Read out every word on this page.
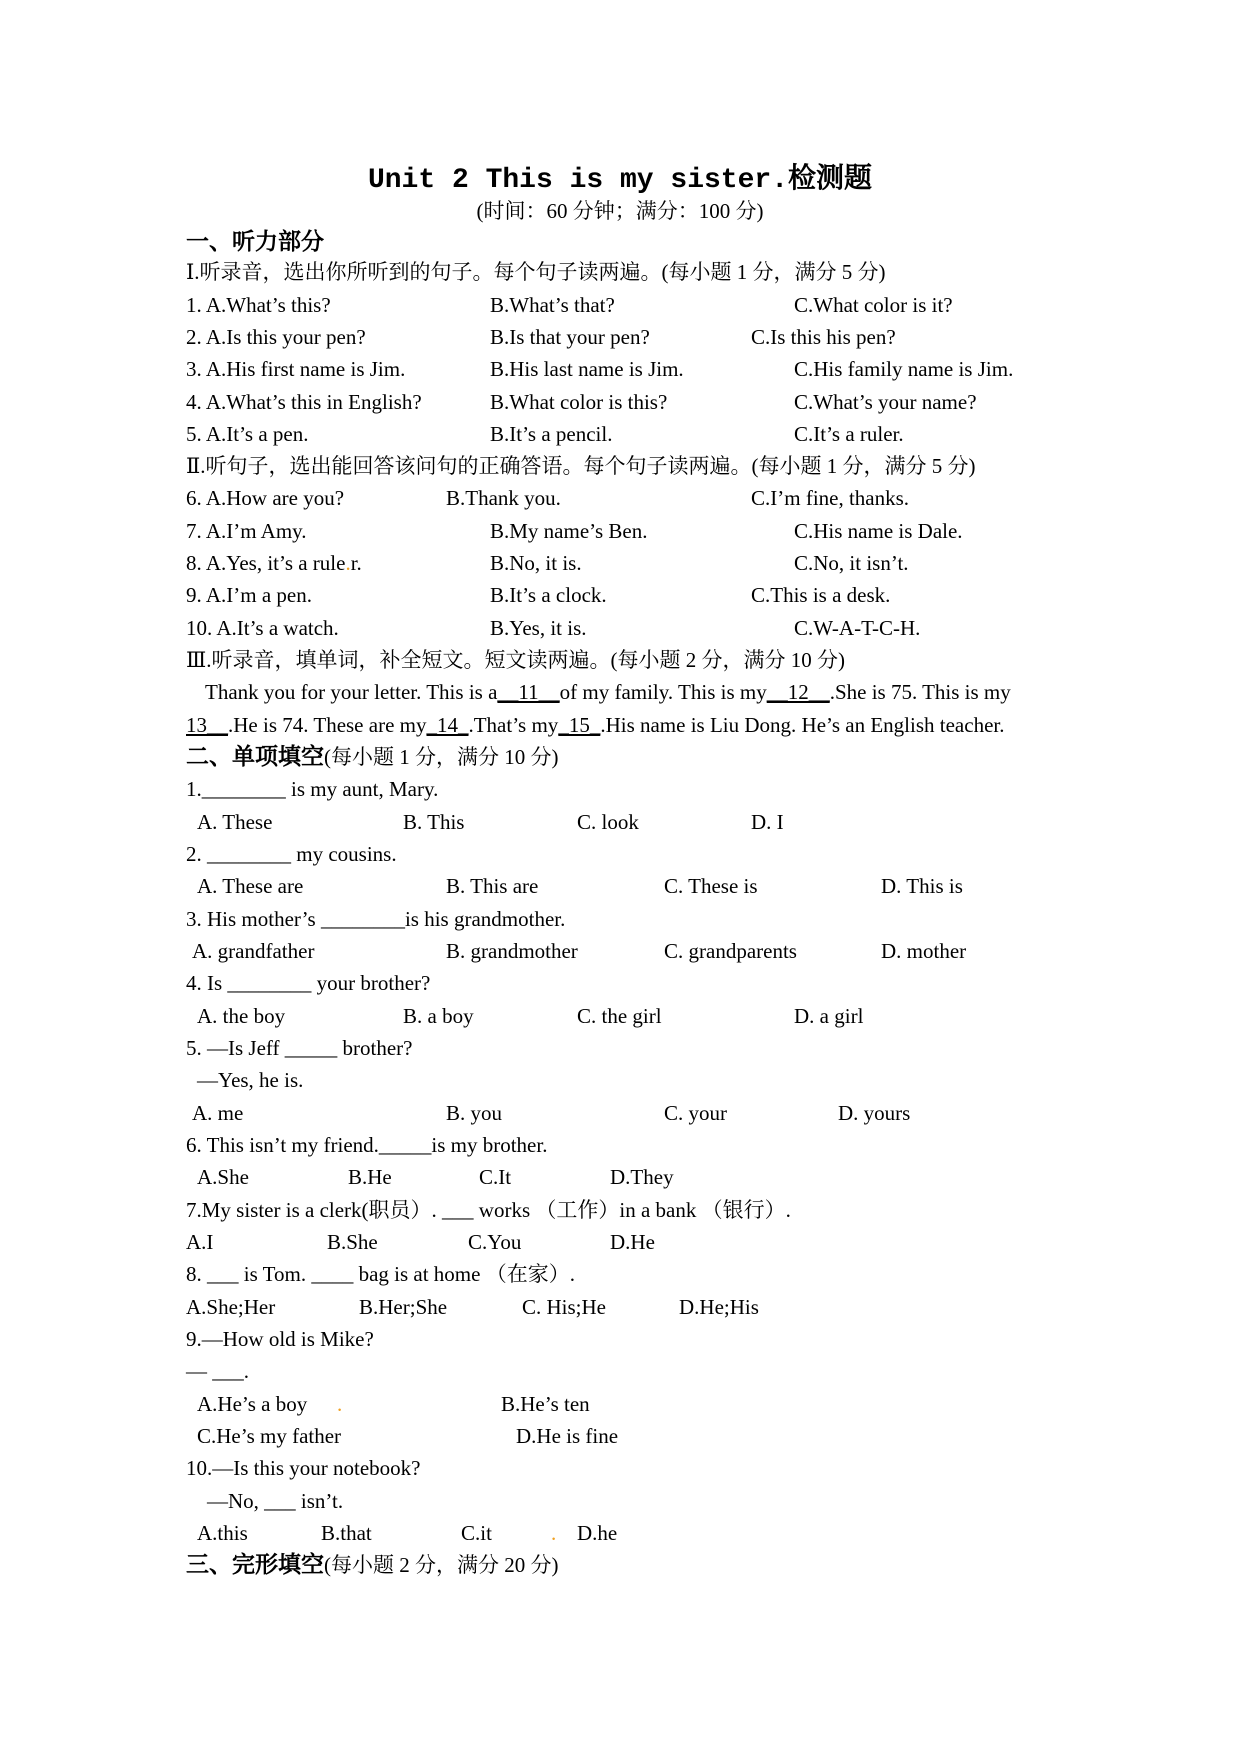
Unit 2 This is my sister.检测题
(时间：60 分钟；满分：100 分)
一、听力部分
Ⅰ.听录音，选出你所听到的句子。每个句子读两遍。(每小题 1 分，满分 5 分)
1. A.What’s this?	B.What’s that?	C.What color is it?
2. A.Is this your pen?	B.Is that your pen?	C.Is this his pen?
3. A.His first name is Jim.	B.His last name is Jim.	C.His family name is Jim.
4. A.What’s this in English?	B.What color is this?	C.What’s your name?
5. A.It’s a pen.	B.It’s a pencil.	C.It’s a ruler.
Ⅱ.听句子，选出能回答该问句的正确答语。每个句子读两遍。(每小题 1 分，满分 5 分)
6. A.How are you?	B.Thank you.	C.I’m fine, thanks.
7. A.I’m Amy.	B.My name’s Ben.	C.His name is Dale.
8. A.Yes, it’s a rule.r.	B.No, it is.	C.No, it isn’t.
9. A.I’m a pen.	B.It’s a clock.	C.This is a desk.
10. A.It’s a watch.	B.Yes, it is.	C.W-A-T-C-H.
Ⅲ.听录音，填单词，补全短文。短文读两遍。(每小题 2 分，满分 10 分)
Thank you for your letter. This is a__11__of my family. This is my__12__.She is 75. This is my
13__.He is 74. These are my_14_.That’s my_15_.His name is Liu Dong. He’s an English teacher.
二、单项填空(每小题 1 分，满分 10 分)
1.________ is my aunt, Mary.
A. These	B. This	C. look	D. I
2. ________ my cousins.
A. These are	B. This are	C. These is	D. This is
3. His mother’s ________is his grandmother.
A. grandfather	B. grandmother	C. grandparents	D. mother
4. Is ________ your brother?
A. the boy	B. a boy	C. the girl	D. a girl
5. —Is Jeff _____ brother?
—Yes, he is.
A. me	B. you	C. your	D. yours
6. This isn’t my friend._____is my brother.
A.She	B.He	C.It	D.They
7.My sister is a clerk(职员）. ___ works （工作）in a bank （银行）.
A.I	B.She	C.You	D.He
8. ___ is Tom. ____ bag is at home （在家）.
A.She;Her	B.Her;She	C. His;He	D.He;His
9.—How old is Mike?
— ___.
A.He’s a boy .	B.He’s ten
C.He’s my father	D.He is fine
10.—Is this your notebook?
—No, ___ isn’t.
A.this	B.that	C.it	. D.he
三、完形填空(每小题 2 分，满分 20 分)
